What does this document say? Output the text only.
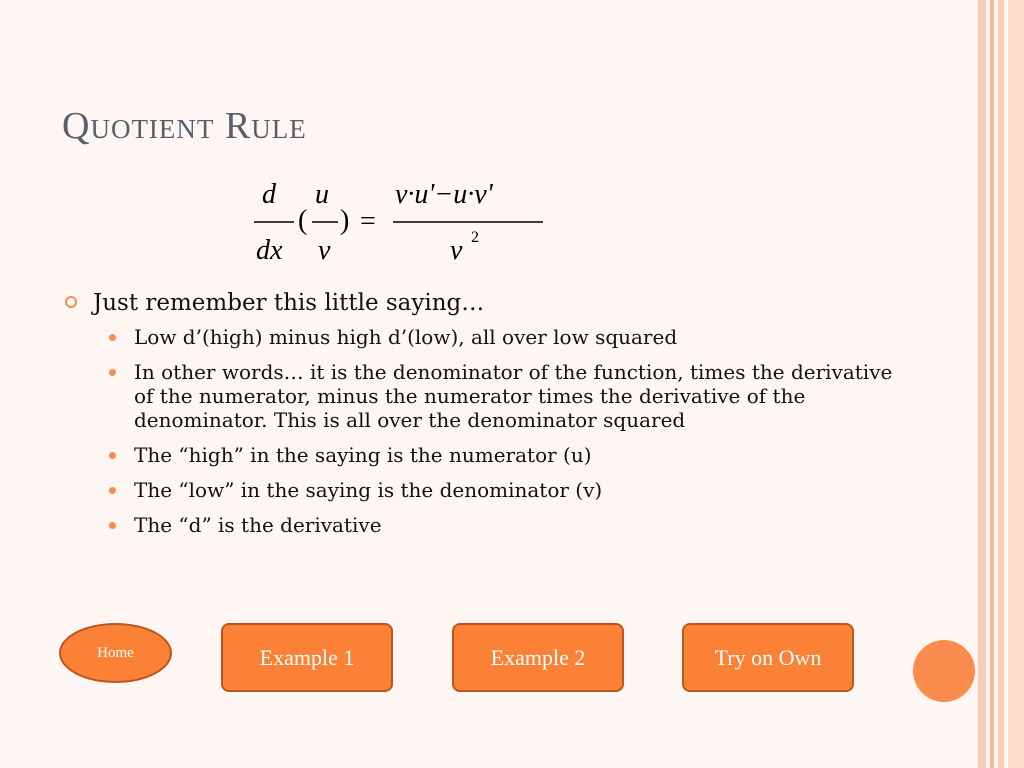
Quotient Rule
d
dx
(
u
v
) =
v·u'−u·v'
v 2
Just remember this little saying…
Low d’(high) minus high d’(low), all over low squared
In other words… it is the denominator of the function, times the derivative of the numerator, minus the numerator times the derivative of the denominator. This is all over the denominator squared
The “high” in the saying is the numerator (u)
The “low” in the saying is the denominator (v)
The “d” is the derivative
Home	Example 1	Example 2	Try on Own
